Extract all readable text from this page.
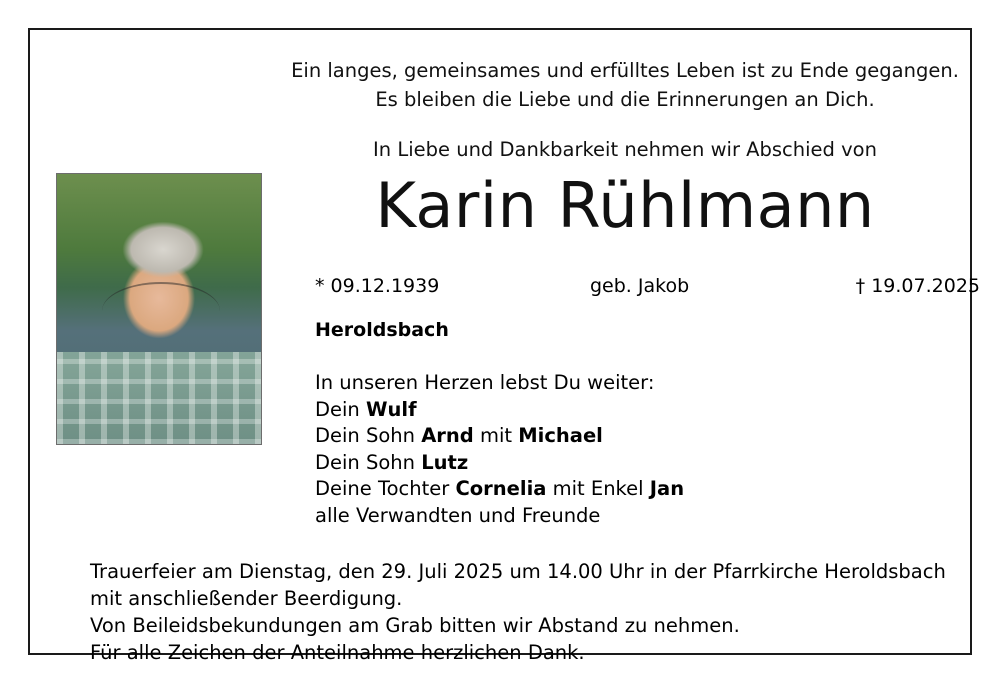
Ein langes, gemeinsames und erfülltes Leben ist zu Ende gegangen.
Es bleiben die Liebe und die Erinnerungen an Dich.
In Liebe und Dankbarkeit nehmen wir Abschied von
Karin Rühlmann
* 09.12.1939	geb. Jakob	† 19.07.2025
Heroldsbach
In unseren Herzen lebst Du weiter:
Dein Wulf
Dein Sohn Arnd mit Michael
Dein Sohn Lutz
Deine Tochter Cornelia mit Enkel Jan
alle Verwandten und Freunde
Trauerfeier am Dienstag, den 29. Juli 2025 um 14.00 Uhr in der Pfarrkirche Heroldsbach
mit anschließender Beerdigung.
Von Beileidsbekundungen am Grab bitten wir Abstand zu nehmen.
Für alle Zeichen der Anteilnahme herzlichen Dank.
